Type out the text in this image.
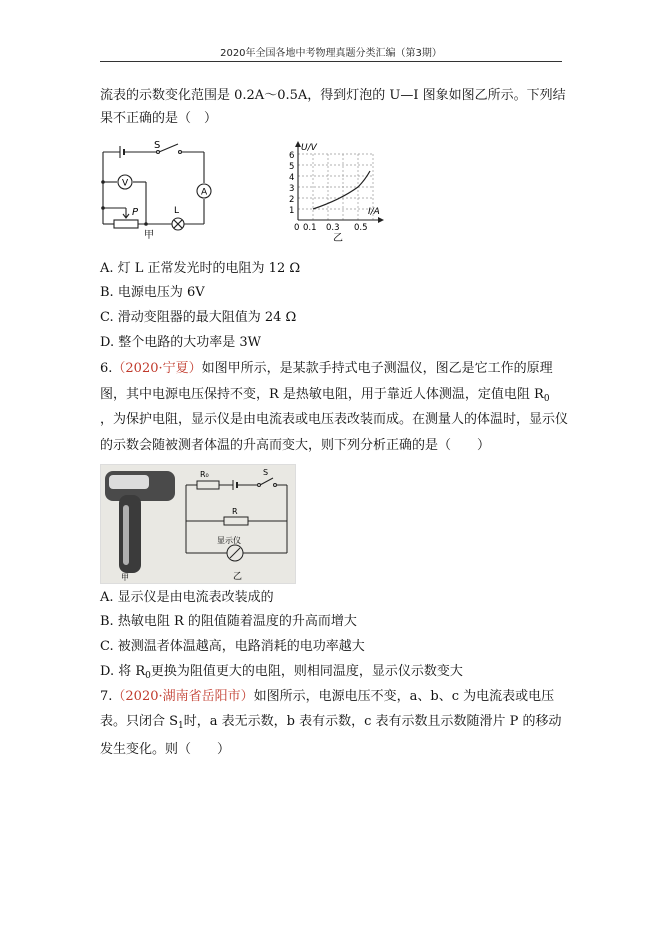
2020年全国各地中考物理真题分类汇编（第3期）
流表的示数变化范围是 0.2A～0.5A，得到灯泡的 U—I 图象如图乙所示。下列结
果不正确的是（　）
S
V
A
P	L
甲
U/V
I/A
1
2
3
4
5
6
0 0.1 0.3 0.5
乙
A. 灯 L 正常发光时的电阻为 12 Ω
B. 电源电压为 6V
C. 滑动变阻器的最大阻值为 24 Ω
D. 整个电路的大功率是 3W
6.（2020·宁夏）如图甲所示，是某款手持式电子测温仪，图乙是它工作的原理
图，其中电源电压保持不变，R 是热敏电阻，用于靠近人体测温，定值电阻 $R_0$
，为保护电阻，显示仪是由电流表或电压表改装而成。在测量人的体温时，显示仪
的示数会随被测者体温的升高而变大，则下列分析正确的是（　　）
R₀	S
R
显示仪
甲	乙
A. 显示仪是由电流表改装成的
B. 热敏电阻 R 的阻值随着温度的升高而增大
C. 被测温者体温越高，电路消耗的电功率越大
D. 将 $R_0$更换为阻值更大的电阻，则相同温度，显示仪示数变大
7.（2020·湖南省岳阳市）如图所示，电源电压不变，a、b、c 为电流表或电压
表。只闭合 $S_1$时，a 表无示数，b 表有示数，c 表有示数且示数随滑片 P 的移动
发生变化。则（　　）
